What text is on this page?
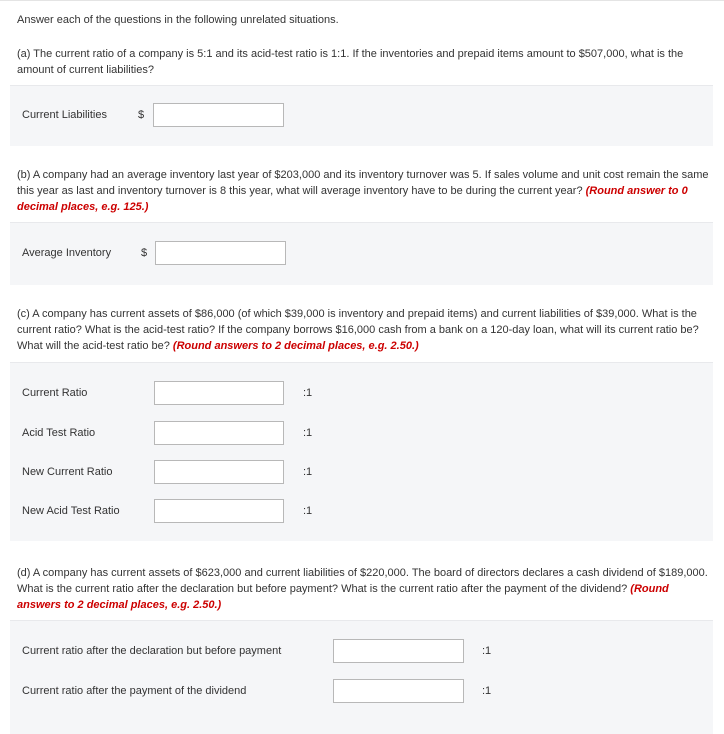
Answer each of the questions in the following unrelated situations.

(a) The current ratio of a company is 5:1 and its acid-test ratio is 1:1. If the inventories and prepaid items amount to $507,000, what is the amount of current liabilities?

Current Liabilities	$

(b) A company had an average inventory last year of $203,000 and its inventory turnover was 5. If sales volume and unit cost remain the same this year as last and inventory turnover is 8 this year, what will average inventory have to be during the current year? (Round answer to 0 decimal places, e.g. 125.)

Average Inventory	$

(c) A company has current assets of $86,000 (of which $39,000 is inventory and prepaid items) and current liabilities of $39,000. What is the current ratio? What is the acid-test ratio? If the company borrows $16,000 cash from a bank on a 120-day loan, what will its current ratio be? What will the acid-test ratio be? (Round answers to 2 decimal places, e.g. 2.50.)

Current Ratio	:1
Acid Test Ratio	:1
New Current Ratio	:1
New Acid Test Ratio	:1

(d) A company has current assets of $623,000 and current liabilities of $220,000. The board of directors declares a cash dividend of $189,000. What is the current ratio after the declaration but before payment? What is the current ratio after the payment of the dividend? (Round answers to 2 decimal places, e.g. 2.50.)

Current ratio after the declaration but before payment	:1
Current ratio after the payment of the dividend	:1
